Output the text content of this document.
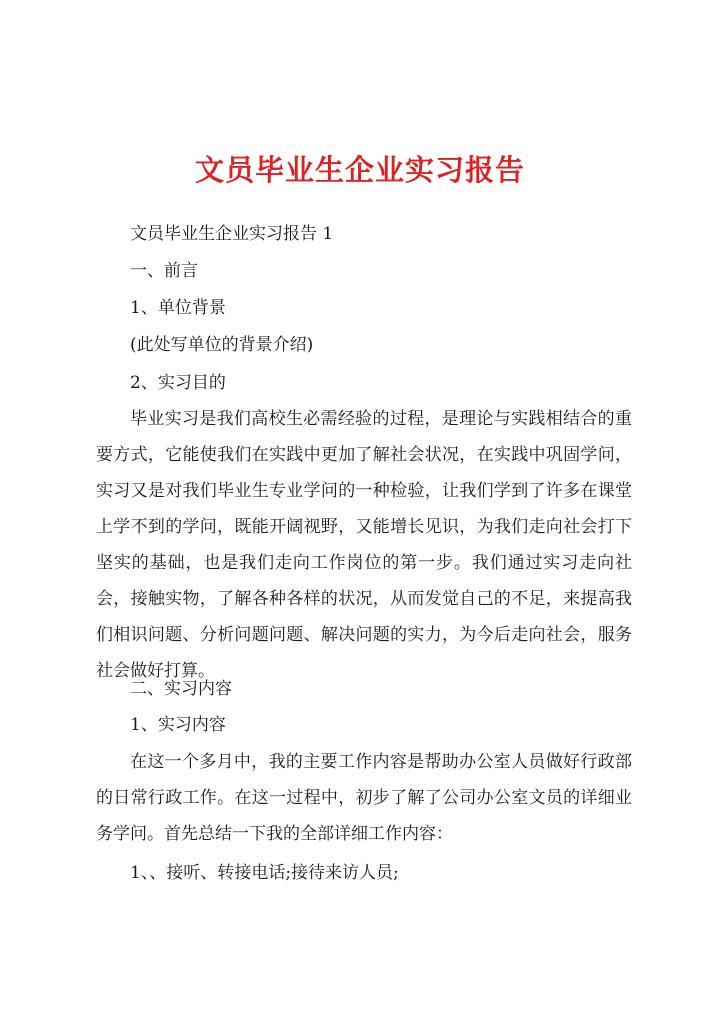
文员毕业生企业实习报告
文员毕业生企业实习报告 1
一、前言
1、单位背景
(此处写单位的背景介绍)
2、实习目的

毕业实习是我们高校生必需经验的过程，是理论与实践相结合的重要方式，它能使我们在实践中更加了解社会状况，在实践中巩固学问，实习又是对我们毕业生专业学问的一种检验，让我们学到了许多在课堂上学不到的学问，既能开阔视野，又能增长见识，为我们走向社会打下坚实的基础，也是我们走向工作岗位的第一步。我们通过实习走向社会，接触实物，了解各种各样的状况，从而发觉自己的不足，来提高我们相识问题、分析问题问题、解决问题的实力，为今后走向社会，服务社会做好打算。

二、实习内容
1、实习内容

在这一个多月中，我的主要工作内容是帮助办公室人员做好行政部的日常行政工作。在这一过程中，初步了解了公司办公室文员的详细业务学问。首先总结一下我的全部详细工作内容：

1、、接听、转接电话;接待来访人员;
